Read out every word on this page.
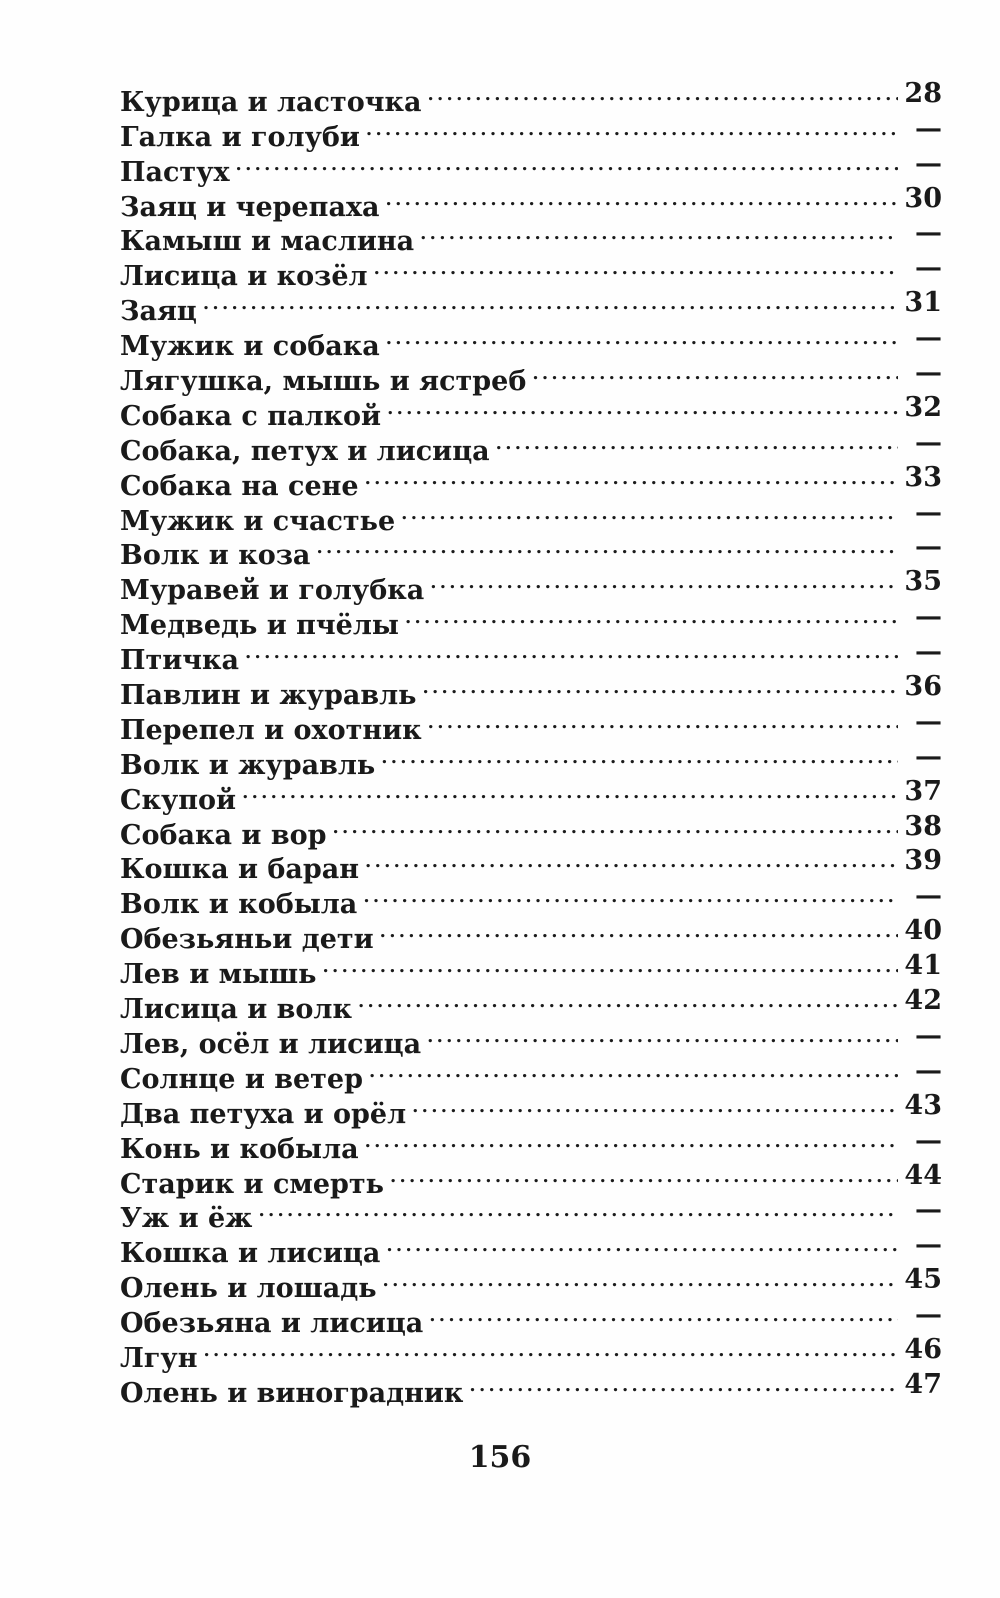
Курица и ласточка . . .	28
Галка и голуби . . .	—
Пастух . . .	—
Заяц и черепаха . . .	30
Камыш и маслина . . .	—
Лисица и козёл . . .	—
Заяц . . .	31
Мужик и собака . . .	—
Лягушка, мышь и ястреб . . .	—
Собака с палкой . . .	32
Собака, петух и лисица . . .	—
Собака на сене . . .	33
Мужик и счастье . . .	—
Волк и коза . . .	—
Муравей и голубка . . .	35
Медведь и пчёлы . . .	—
Птичка . . .	—
Павлин и журавль . . .	36
Перепел и охотник . . .	—
Волк и журавль . . .	—
Скупой . . .	37
Собака и вор . . .	38
Кошка и баран . . .	39
Волк и кобыла . . .	—
Обезьяньи дети . . .	40
Лев и мышь . . .	41
Лисица и волк . . .	42
Лев, осёл и лисица . . .	—
Солнце и ветер . . .	—
Два петуха и орёл . . .	43
Конь и кобыла . . .	—
Старик и смерть . . .	44
Уж и ёж . . .	—
Кошка и лисица . . .	—
Олень и лошадь . . .	45
Обезьяна и лисица . . .	—
Лгун . . .	46
Олень и виноградник . . .	47
156
